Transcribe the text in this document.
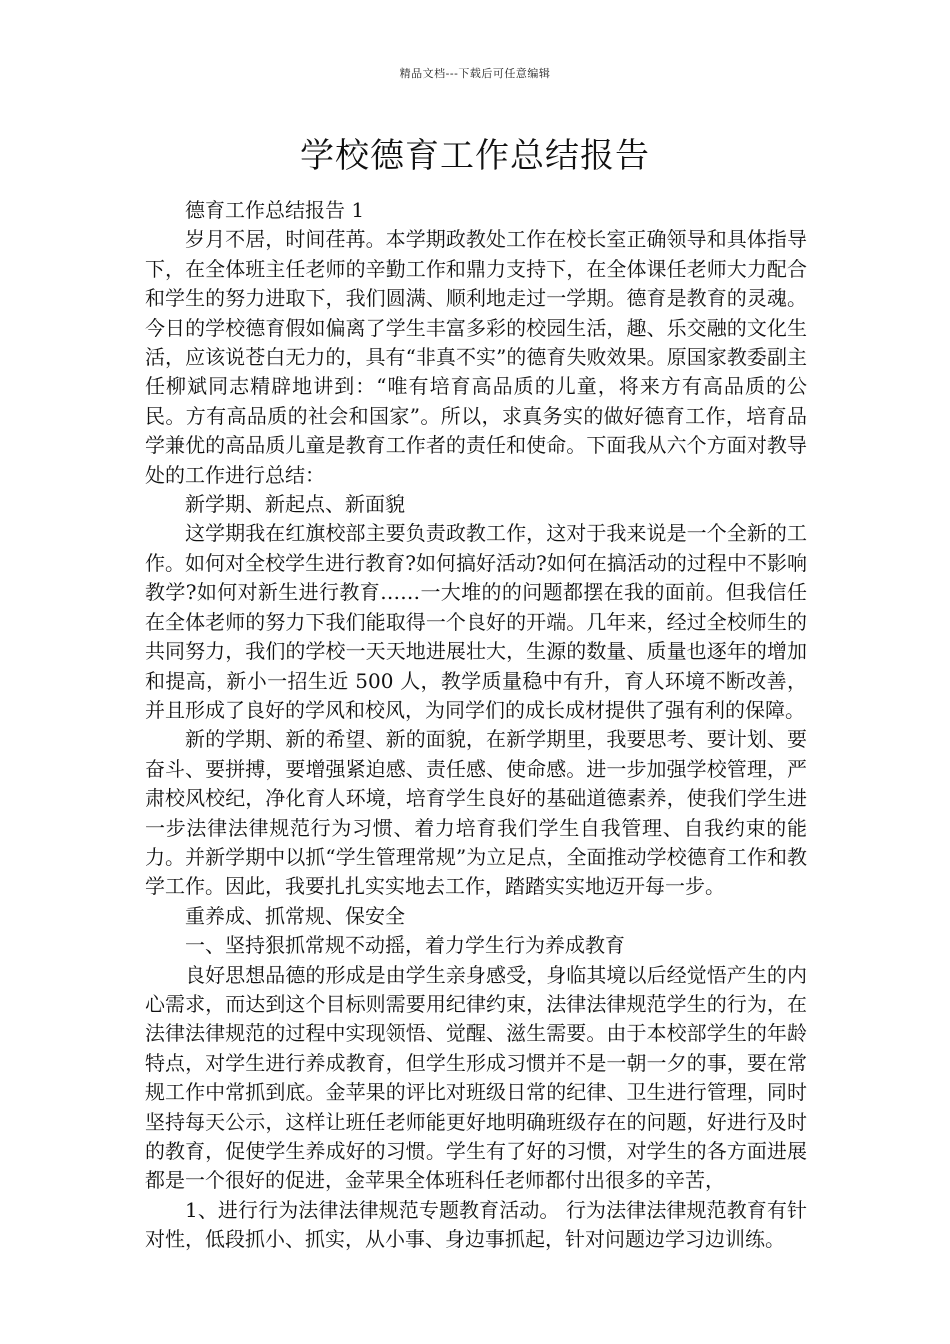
精品文档---下载后可任意编辑
学校德育工作总结报告

德育工作总结报告 1

岁月不居，时间荏苒。本学期政教处工作在校长室正确领导和具体指导下，在全体班主任老师的辛勤工作和鼎力支持下，在全体课任老师大力配合和学生的努力进取下，我们圆满、顺利地走过一学期。德育是教育的灵魂。今日的学校德育假如偏离了学生丰富多彩的校园生活，趣、乐交融的文化生活，应该说苍白无力的，具有“非真不实”的德育失败效果。原国家教委副主任柳斌同志精辟地讲到：“唯有培育高品质的儿童，将来方有高品质的公民。方有高品质的社会和国家”。所以，求真务实的做好德育工作，培育品学兼优的高品质儿童是教育工作者的责任和使命。下面我从六个方面对教导处的工作进行总结：

新学期、新起点、新面貌

这学期我在红旗校部主要负责政教工作，这对于我来说是一个全新的工作。如何对全校学生进行教育?如何搞好活动?如何在搞活动的过程中不影响教学?如何对新生进行教育……一大堆的的问题都摆在我的面前。但我信任在全体老师的努力下我们能取得一个良好的开端。几年来，经过全校师生的共同努力，我们的学校一天天地进展壮大，生源的数量、质量也逐年的增加和提高，新小一招生近 500 人，教学质量稳中有升，育人环境不断改善，并且形成了良好的学风和校风，为同学们的成长成材提供了强有利的保障。

新的学期、新的希望、新的面貌，在新学期里，我要思考、要计划、要奋斗、要拼搏，要增强紧迫感、责任感、使命感。进一步加强学校管理，严肃校风校纪，净化育人环境，培育学生良好的基础道德素养，使我们学生进一步法律法律规范行为习惯、着力培育我们学生自我管理、自我约束的能力。并新学期中以抓“学生管理常规”为立足点，全面推动学校德育工作和教学工作。因此，我要扎扎实实地去工作，踏踏实实地迈开每一步。

重养成、抓常规、保安全

一、坚持狠抓常规不动摇，着力学生行为养成教育

良好思想品德的形成是由学生亲身感受，身临其境以后经觉悟产生的内心需求，而达到这个目标则需要用纪律约束，法律法律规范学生的行为，在法律法律规范的过程中实现领悟、觉醒、滋生需要。由于本校部学生的年龄特点，对学生进行养成教育，但学生形成习惯并不是一朝一夕的事，要在常规工作中常抓到底。金苹果的评比对班级日常的纪律、卫生进行管理，同时坚持每天公示，这样让班任老师能更好地明确班级存在的问题，好进行及时的教育，促使学生养成好的习惯。学生有了好的习惯，对学生的各方面进展都是一个很好的促进，金苹果全体班科任老师都付出很多的辛苦，

1、进行行为法律法律规范专题教育活动。 行为法律法律规范教育有针对性，低段抓小、抓实，从小事、身边事抓起，针对问题边学习边训练。
